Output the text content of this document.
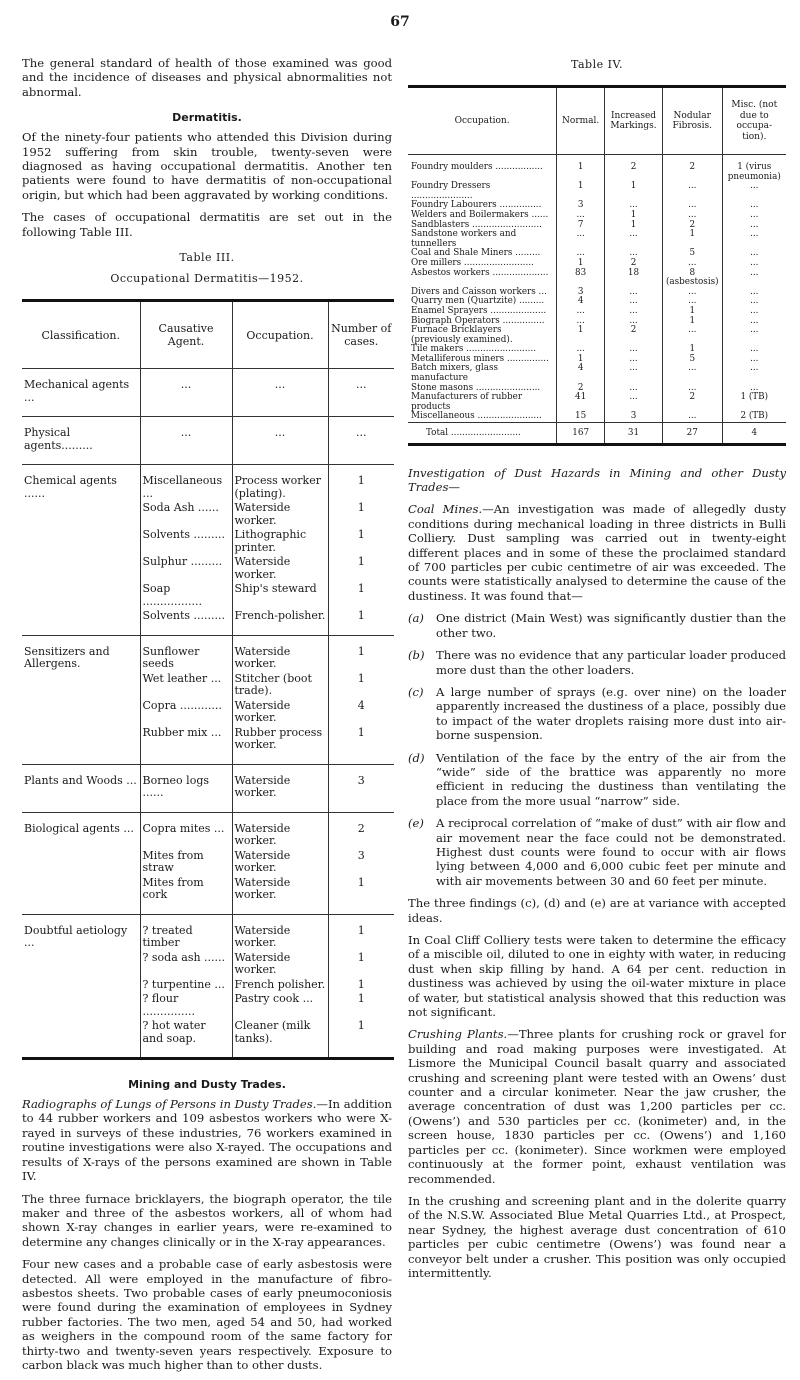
67

The general standard of health of those examined was good and the incidence of diseases and physical abnormalities not abnormal.

Dermatitis.

Of the ninety-four patients who attended this Division during 1952 suffering from skin trouble, twenty-seven were diagnosed as having occupational dermatitis. Another ten patients were found to have dermatitis of non-occupational origin, but which had been aggravated by working conditions.

The cases of occupational dermatitis are set out in the following Table III.

Table III.
Occupational Dermatitis—1952.
Classification.	Causative Agent.	Occupation.	Number of cases.
Mechanical agents ...	...	...	...
Physical agents.........	...	...	...
Chemical agents ......	Miscellaneous ...	Process worker (plating).	1
	Soda Ash ......	Waterside worker.	1
	Solvents .........	Lithographic printer.	1
	Sulphur .........	Waterside worker.	1
	Soap .................	Ship's steward	1
	Solvents .........	French-polisher.	1
Sensitizers and Allergens.	Sunflower seeds	Waterside worker.	1
	Wet leather ...	Stitcher (boot trade).	1
	Copra ............	Waterside worker.	4
	Rubber mix ...	Rubber process worker.	1
Plants and Woods ...	Borneo logs ......	Waterside worker.	3
Biological agents ...	Copra mites ...	Waterside worker.	2
	Mites from straw	Waterside worker.	3
	Mites from cork	Waterside worker.	1
Doubtful aetiology ...	? treated timber	Waterside worker.	1
	? soda ash ......	Waterside worker.	1
	? turpentine ...	French polisher.	1
	? flour ...............	Pastry cook ...	1
	? hot water and soap.	Cleaner (milk tanks).	1
Mining and Dusty Trades.

Radiographs of Lungs of Persons in Dusty Trades.—In addition to 44 rubber workers and 109 asbestos workers who were X-rayed in surveys of these industries, 76 workers examined in routine investigations were also X-rayed. The occupations and results of X-rays of the persons examined are shown in Table IV.

The three furnace bricklayers, the biograph operator, the tile maker and three of the asbestos workers, all of whom had shown X-ray changes in earlier years, were re-examined to determine any changes clinically or in the X-ray appearances.

Four new cases and a probable case of early asbestosis were detected. All were employed in the manufacture of fibro-asbestos sheets. Two probable cases of early pneumoconiosis were found during the examination of employees in Sydney rubber factories. The two men, aged 54 and 50, had worked as weighers in the compound room of the same factory for thirty-two and twenty-seven years respectively. Exposure to carbon black was much higher than to other dusts.

Table IV.
Occupation.	Normal.	Increased Markings.	Nodular Fibrosis.	Misc. (not due to occupa-tion).
Foundry moulders .................	1	2	2	1 (virus pneumonia)
Foundry Dressers ......................	1	1	...	...
Foundry Labourers ...............	3	...	...	...
Welders and Boilermakers ......	...	1	...	...
Sandblasters .........................	7	1	2	...
Sandstone workers and tunnellers	...	...	1	...
Coal and Shale Miners .........	...	...	5	...
Ore millers .........................	1	2	...	...
Asbestos workers ....................	83	18	8 (asbestosis)	...
Divers and Caisson workers ...	3	...	...	...
Quarry men (Quartzite) .........	4	...	...	...
Enamel Sprayers ....................	...	...	1	...
Biograph Operators ...............	...	...	1	...
Furnace Bricklayers (previously examined).	1	2	...	...
Tile makers .........................	...	...	1	...
Metalliferous miners ...............	1	...	5	...
Batch mixers, glass manufacture	4	...	...	...
Stone masons .......................	2	...	...	...
Manufacturers of rubber products	41	...	2	1 (TB)
Miscellaneous .......................	15	3	...	2 (TB)
Total .........................	167	31	27	4

Investigation of Dust Hazards in Mining and other Dusty Trades—

Coal Mines.—An investigation was made of allegedly dusty conditions during mechanical loading in three districts in Bulli Colliery. Dust sampling was carried out in twenty-eight different places and in some of these the proclaimed standard of 700 particles per cubic centimetre of air was exceeded. The counts were statistically analysed to determine the cause of the dustiness. It was found that—

(a)	One district (Main West) was significantly dustier than the other two.
(b) There was no evidence that any particular loader produced more dust than the other loaders.
(c)	A large number of sprays (e.g. over nine) on the loader apparently increased the dustiness of a place, possibly due to impact of the water droplets raising more dust into air-borne suspension.
(d) Ventilation of the face by the entry of the air from the “wide” side of the brattice was apparently no more efficient in reducing the dustiness than ventilating the place from the more usual “narrow” side.
(e)	A reciprocal correlation of “make of dust” with air flow and air movement near the face could not be demonstrated. Highest dust counts were found to occur with air flows lying between 4,000 and 6,000 cubic feet per minute and with air movements between 30 and 60 feet per minute.

The three findings (c), (d) and (e) are at variance with accepted ideas.

In Coal Cliff Colliery tests were taken to determine the efficacy of a miscible oil, diluted to one in eighty with water, in reducing dust when skip filling by hand. A 64 per cent. reduction in dustiness was achieved by using the oil-water mixture in place of water, but statistical analysis showed that this reduction was not significant.

Crushing Plants.—Three plants for crushing rock or gravel for building and road making purposes were investigated. At Lismore the Municipal Council basalt quarry and associated crushing and screening plant were tested with an Owens’ dust counter and a circular konimeter. Near the jaw crusher, the average concentration of dust was 1,200 particles per cc. (Owens’) and 530 particles per cc. (konimeter) and, in the screen house, 1830 particles per cc. (Owens’) and 1,160 particles per cc. (konimeter). Since workmen were employed continuously at the former point, exhaust ventilation was recommended.

In the crushing and screening plant and in the dolerite quarry of the N.S.W. Associated Blue Metal Quarries Ltd., at Prospect, near Sydney, the highest average dust concentration of 610 particles per cubic centimetre (Owens’) was found near a conveyor belt under a crusher. This position was only occupied intermittently.
